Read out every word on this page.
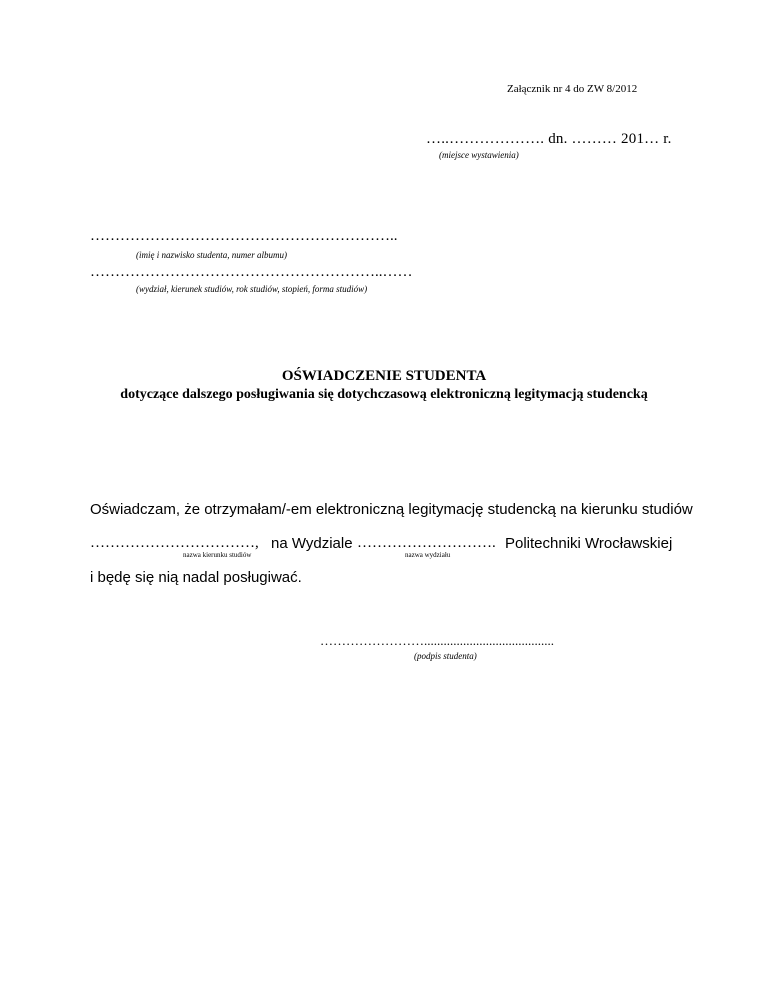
Załącznik nr 4 do ZW 8/2012
…..………………. dn. ……… 201… r.
(miejsce wystawienia)
……………………………………………………..
(imię i nazwisko studenta, numer albumu)
…………………………………………………..……
(wydział, kierunek studiów, rok studiów, stopień, forma studiów)
OŚWIADCZENIE STUDENTA
dotyczące dalszego posługiwania się dotychczasową elektroniczną legitymacją studencką
Oświadczam, że otrzymałam/-em elektroniczną legitymację studencką na kierunku studiów
……………………………, na Wydziale ………………………. Politechniki Wrocławskiej
nazwa kierunku studiów	nazwa wydziału
i będę się nią nadal posługiwać.
……………………........................................
(podpis studenta)
